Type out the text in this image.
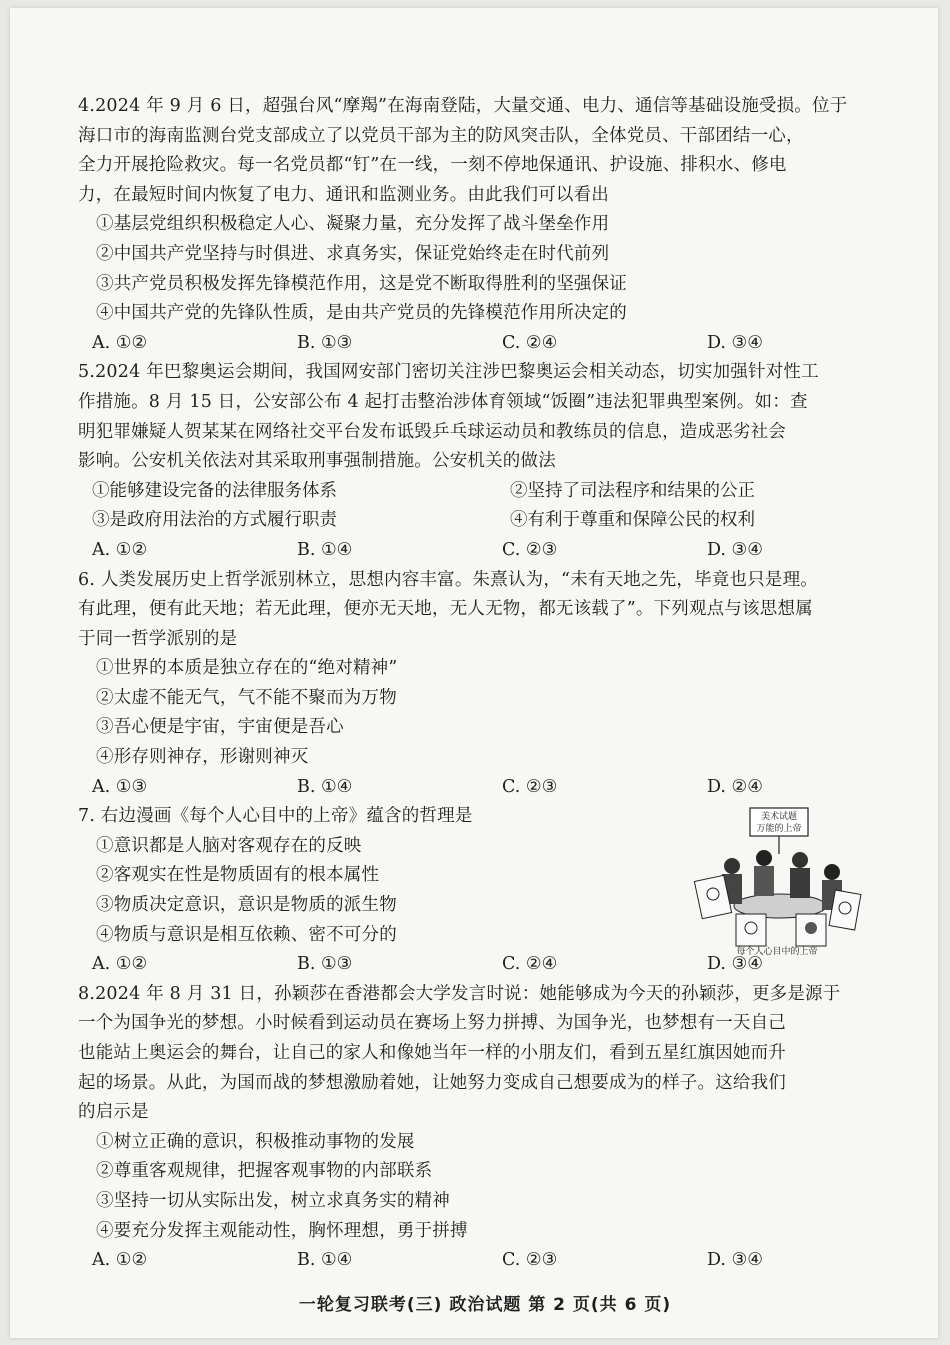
4.2024 年 9 月 6 日，超强台风“摩羯”在海南登陆，大量交通、电力、通信等基础设施受损。位于
海口市的海南监测台党支部成立了以党员干部为主的防风突击队，全体党员、干部团结一心，
全力开展抢险救灾。每一名党员都“钉”在一线，一刻不停地保通讯、护设施、排积水、修电
力，在最短时间内恢复了电力、通讯和监测业务。由此我们可以看出
①基层党组织积极稳定人心、凝聚力量，充分发挥了战斗堡垒作用
②中国共产党坚持与时俱进、求真务实，保证党始终走在时代前列
③共产党员积极发挥先锋模范作用，这是党不断取得胜利的坚强保证
④中国共产党的先锋队性质，是由共产党员的先锋模范作用所决定的
A. ①②	B. ①③	C. ②④	D. ③④
5.2024 年巴黎奥运会期间，我国网安部门密切关注涉巴黎奥运会相关动态，切实加强针对性工
作措施。8 月 15 日，公安部公布 4 起打击整治涉体育领域“饭圈”违法犯罪典型案例。如：查
明犯罪嫌疑人贺某某在网络社交平台发布诋毁乒乓球运动员和教练员的信息，造成恶劣社会
影响。公安机关依法对其采取刑事强制措施。公安机关的做法
①能够建设完备的法律服务体系	②坚持了司法程序和结果的公正
③是政府用法治的方式履行职责	④有利于尊重和保障公民的权利
A. ①②	B. ①④	C. ②③	D. ③④
6. 人类发展历史上哲学派别林立，思想内容丰富。朱熹认为，“未有天地之先，毕竟也只是理。
有此理，便有此天地；若无此理，便亦无天地，无人无物，都无该载了”。下列观点与该思想属
于同一哲学派别的是
①世界的本质是独立存在的“绝对精神”
②太虚不能无气，气不能不聚而为万物
③吾心便是宇宙，宇宙便是吾心
④形存则神存，形谢则神灭
A. ①③	B. ①④	C. ②③	D. ②④
7. 右边漫画《每个人心目中的上帝》蕴含的哲理是
①意识都是人脑对客观存在的反映
②客观实在性是物质固有的根本属性
③物质决定意识，意识是物质的派生物
④物质与意识是相互依赖、密不可分的
A. ①②	B. ①③	C. ②④	D. ③④
8.2024 年 8 月 31 日，孙颖莎在香港都会大学发言时说：她能够成为今天的孙颖莎，更多是源于
一个为国争光的梦想。小时候看到运动员在赛场上努力拼搏、为国争光，也梦想有一天自己
也能站上奥运会的舞台，让自己的家人和像她当年一样的小朋友们，看到五星红旗因她而升
起的场景。从此，为国而战的梦想激励着她，让她努力变成自己想要成为的样子。这给我们
的启示是
①树立正确的意识，积极推动事物的发展
②尊重客观规律，把握客观事物的内部联系
③坚持一切从实际出发，树立求真务实的精神
④要充分发挥主观能动性，胸怀理想，勇于拼搏
A. ①②	B. ①④	C. ②③	D. ③④
美术试题
万能的上帝
每个人心目中的上帝
一轮复习联考(三) 政治试题 第 2 页(共 6 页)
